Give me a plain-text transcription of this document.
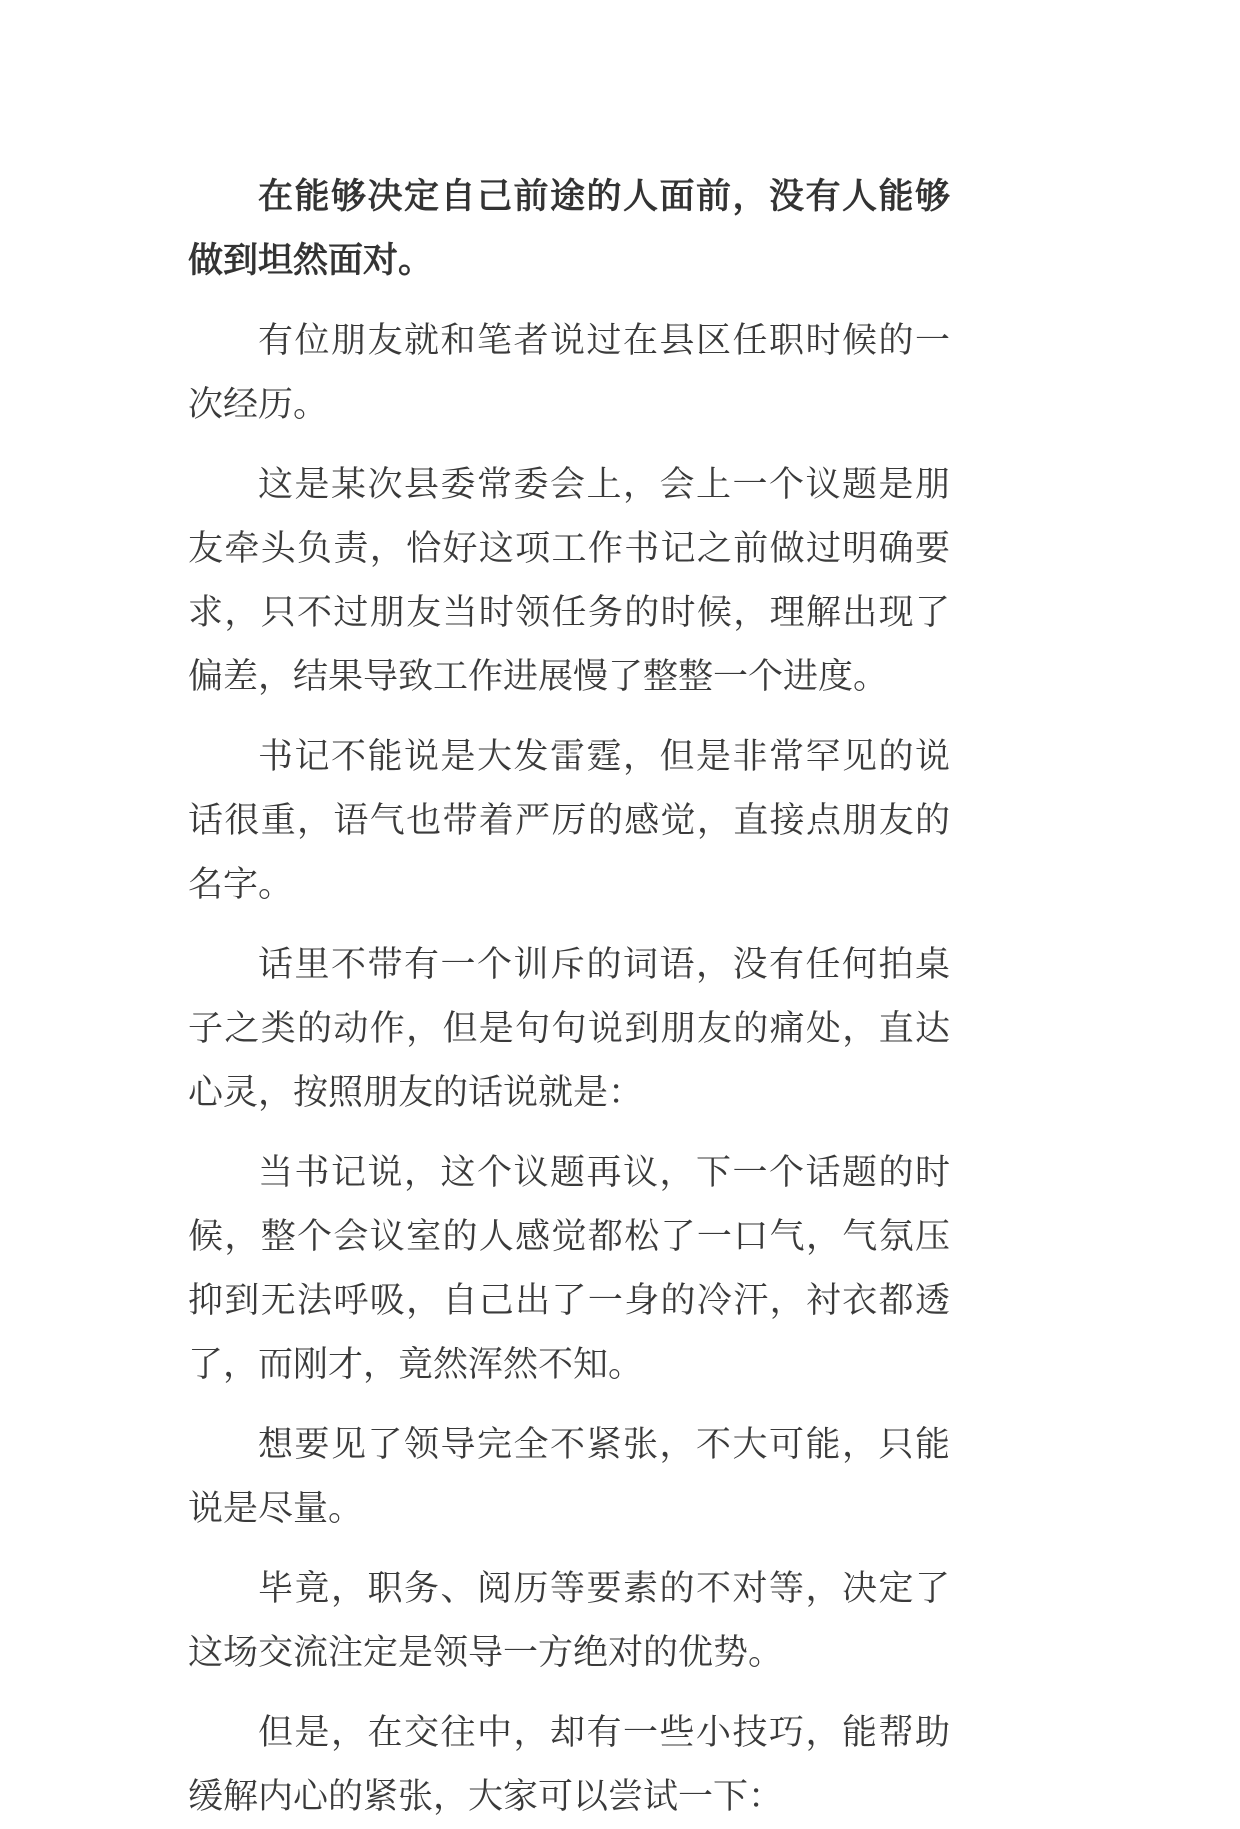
在能够决定自己前途的人面前，没有人能够做到坦然面对。

有位朋友就和笔者说过在县区任职时候的一次经历。

这是某次县委常委会上，会上一个议题是朋友牵头负责，恰好这项工作书记之前做过明确要求，只不过朋友当时领任务的时候，理解出现了偏差，结果导致工作进展慢了整整一个进度。

书记不能说是大发雷霆，但是非常罕见的说话很重，语气也带着严厉的感觉，直接点朋友的名字。

话里不带有一个训斥的词语，没有任何拍桌子之类的动作，但是句句说到朋友的痛处，直达心灵，按照朋友的话说就是：

当书记说，这个议题再议，下一个话题的时候，整个会议室的人感觉都松了一口气，气氛压抑到无法呼吸，自己出了一身的冷汗，衬衣都透了，而刚才，竟然浑然不知。

想要见了领导完全不紧张，不大可能，只能说是尽量。

毕竟，职务、阅历等要素的不对等，决定了这场交流注定是领导一方绝对的优势。

但是，在交往中，却有一些小技巧，能帮助缓解内心的紧张，大家可以尝试一下：
